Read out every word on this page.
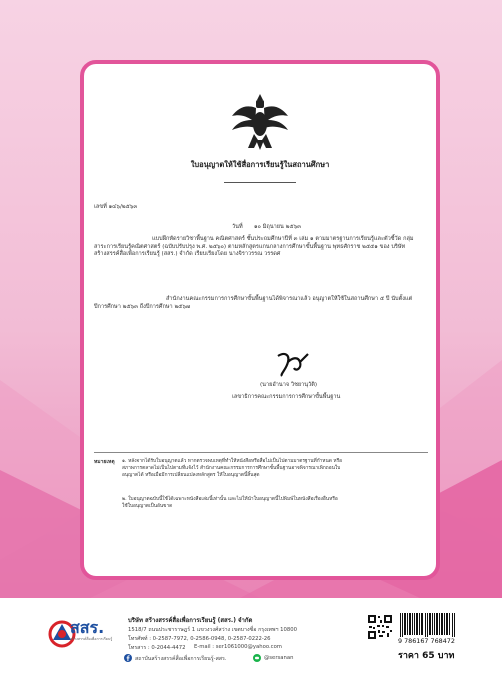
ใบอนุญาตให้ใช้สื่อการเรียนรู้ในสถานศึกษา
เลขที่ ๑๔๖/๒๕๖๓
วันที่ ๑๐ มิถุนายน ๒๕๖๓
แบบฝึกหัดรายวิชาพื้นฐาน คณิตศาสตร์ ชั้นประถมศึกษาปีที่ ๓ เล่ม ๑ ตามมาตรฐานการเรียนรู้และตัวชี้วัด กลุ่มสาระการเรียนรู้คณิตศาสตร์ (ฉบับปรับปรุง พ.ศ. ๒๕๖๐) ตามหลักสูตรแกนกลางการศึกษาขั้นพื้นฐาน พุทธศักราช ๒๕๕๑ ของ บริษัท สร้างสรรค์สื่อเพื่อการเรียนรู้ (สสร.) จำกัด เรียบเรียงโดย นางจิราวรรณ วรรดศ
สำนักงานคณะกรรมการการศึกษาขั้นพื้นฐานได้พิจารณาแล้ว อนุญาตให้ใช้ในสถานศึกษา ๕ ปี นับตั้งแต่ปีการศึกษา ๒๕๖๓ ถึงปีการศึกษา ๒๕๖๗
(นายอำนาจ วิชยานุวัติ)
เลขาธิการคณะกรรมการการศึกษาขั้นพื้นฐาน
หมายเหตุ ๑. หลังจากได้รับใบอนุญาตแล้ว หากตรวจพบเหตุที่ทำให้หนังสือหรือสื่อไม่เป็นไปตามมาตรฐานที่กำหนด หรือสภาพการตลาดไม่เป็นไปตามที่แจ้งไว้ สำนักงานคณะกรรมการการศึกษาขั้นพื้นฐานอาจพิจารณาเพิกถอนใบอนุญาตได้ หรือเมื่อมีการเปลี่ยนแปลงหลักสูตร ให้ใบอนุญาตนี้สิ้นสุด
๒. ใบอนุญาตฉบับนี้ใช้ได้เฉพาะหนังสือเล่มนี้เท่านั้น และไม่ให้นำใบอนุญาตนี้ไปพิมพ์ในหนังสือเรื่องอื่นหรือใช้ใบอนุญาตเป็นอันขาด
สสร.
สร้างสรรค์สื่อเพื่อการเรียนรู้
บริษัท สร้างสรรค์สื่อเพื่อการเรียนรู้ (สสร.) จำกัด
1518/7 ถนนประชาราษฎร์ 1 แขวงวงศ์สว่าง เขตบางซื่อ กรุงเทพฯ 10800
โทรศัพท์ : 0-2587-7972, 0-2586-0948, 0-2587-0222-26
โทรสาร : 0-2044-4472 E-mail : ser1061000@yahoo.com
สถาบันสร้างสรรค์สื่อเพื่อการเรียนรู้-สสร.	@sersanan
9 786167 768472
ราคา 65 บาท
